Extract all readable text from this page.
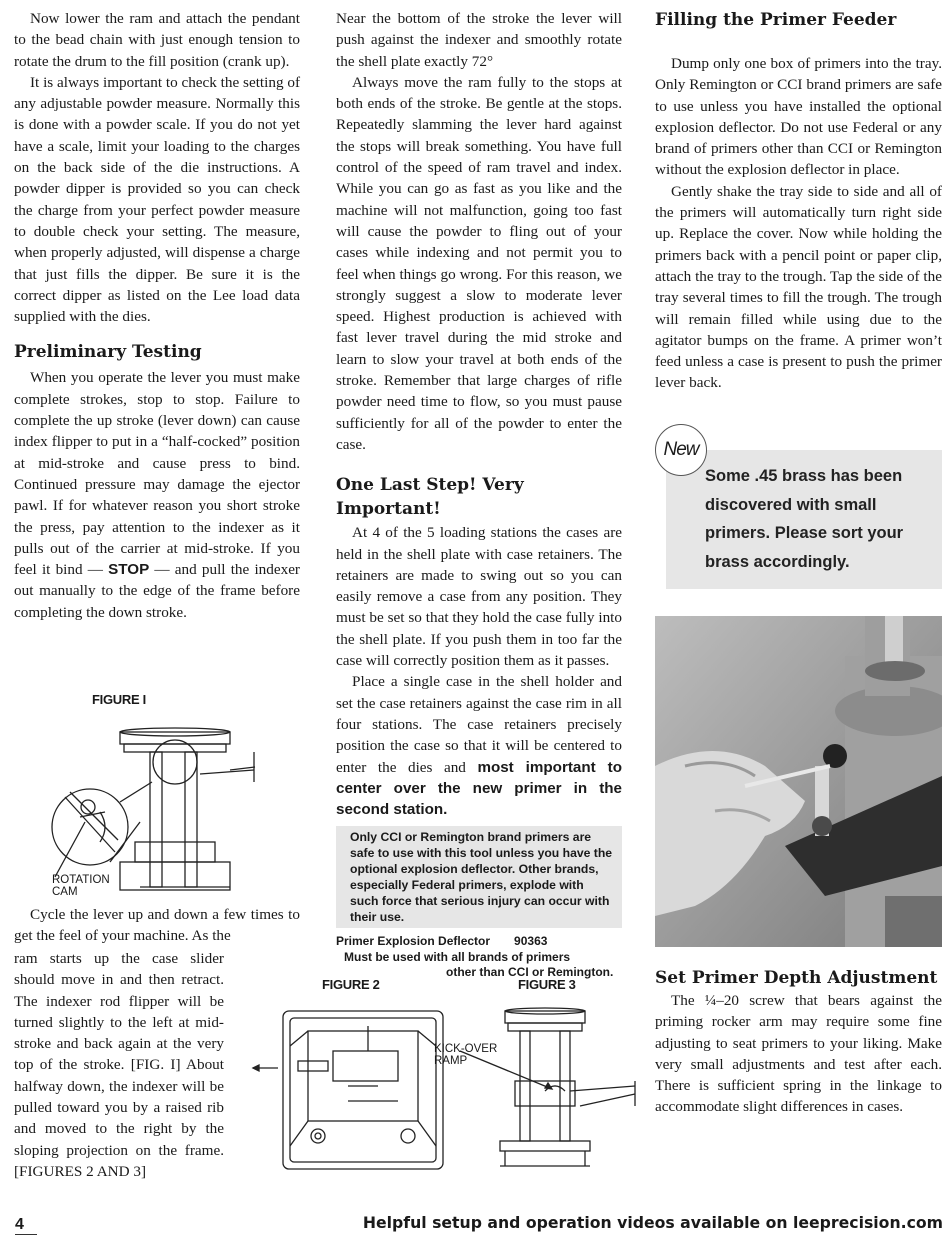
Now lower the ram and attach the pendant to the bead chain with just enough tension to rotate the drum to the fill position (crank up).

It is always important to check the setting of any adjustable powder measure. Normally this is done with a powder scale. If you do not yet have a scale, limit your loading to the charges on the back side of the die instructions. A powder dipper is provided so you can check the charge from your perfect powder measure to double check your setting. The measure, when properly adjusted, will dispense a charge that just fills the dipper. Be sure it is the correct dipper as listed on the Lee load data supplied with the dies.

Preliminary Testing

When you operate the lever you must make complete strokes, stop to stop. Failure to complete the up stroke (lever down) can cause index flipper to put in a “half-cocked” position at mid-stroke and cause press to bind. Continued pressure may damage the ejector pawl. If for whatever reason you short stroke the press, pay attention to the indexer as it pulls out of the carrier at mid-stroke. If you feel it bind — STOP — and pull the indexer out manually to the edge of the frame before completing the down stroke.

FIGURE I
ROTATION
CAM

Cycle the lever up and down a few times to get the feel of your machine. As the

ram starts up the case slider should move in and then retract. The indexer rod flipper will be turned slightly to the left at mid-stroke and back again at the very top of the stroke. [FIG. I] About halfway down, the indexer will be pulled toward you by a raised rib and moved to the right by the sloping projection on the frame. [FIGURES 2 AND 3]

Near the bottom of the stroke the lever will push against the indexer and smoothly rotate the shell plate exactly 72°

Always move the ram fully to the stops at both ends of the stroke. Be gentle at the stops. Repeatedly slamming the lever hard against the stops will break something. You have full control of the speed of ram travel and index. While you can go as fast as you like and the machine will not malfunction, going too fast will cause the powder to fling out of your cases while indexing and not permit you to feel when things go wrong. For this reason, we strongly suggest a slow to moderate lever speed. Highest production is achieved with fast lever travel during the mid stroke and learn to slow your travel at both ends of the stroke. Remember that large charges of rifle powder need time to flow, so you must pause sufficiently for all of the powder to enter the case.

One Last Step! Very Important!

At 4 of the 5 loading stations the cases are held in the shell plate with case retainers. The retainers are made to swing out so you can easily remove a case from any position. They must be set so that they hold the case fully into the shell plate. If you push them in too far the case will correctly position them as it passes.

Place a single case in the shell holder and set the case retainers against the case rim in all four stations. The case retainers precisely position the case so that it will be centered to enter the dies and most important to center over the new primer in the second station.

Only CCI or Remington brand primers are safe to use with this tool unless you have the optional explosion deflector. Other brands, especially Federal primers, explode with such force that serious injury can occur with their use.
Primer Explosion Deflector 90363
Must be used with all brands of primers
other than CCI or Remington.
FIGURE 2	FIGURE 3
KICK-OVER
RAMP
Filling the Primer Feeder

Dump only one box of primers into the tray. Only Remington or CCI brand primers are safe to use unless you have installed the optional explosion deflector. Do not use Federal or any brand of primers other than CCI or Remington without the explosion deflector in place.

Gently shake the tray side to side and all of the primers will automatically turn right side up. Replace the cover. Now while holding the primers back with a pencil point or paper clip, attach the tray to the trough. Tap the side of the tray several times to fill the trough. The trough will remain filled while using due to the agitator bumps on the frame. A primer won’t feed unless a case is present to push the primer lever back.

New
Some .45 brass has been discovered with small primers. Please sort your brass accordingly.
Set Primer Depth Adjustment

The ¼–20 screw that bears against the priming rocker arm may require some fine adjusting to seat primers to your liking. Make very small adjustments and test after each. There is sufficient spring in the linkage to accommodate slight differences in cases.

4	Helpful setup and operation videos available on leeprecision.com
